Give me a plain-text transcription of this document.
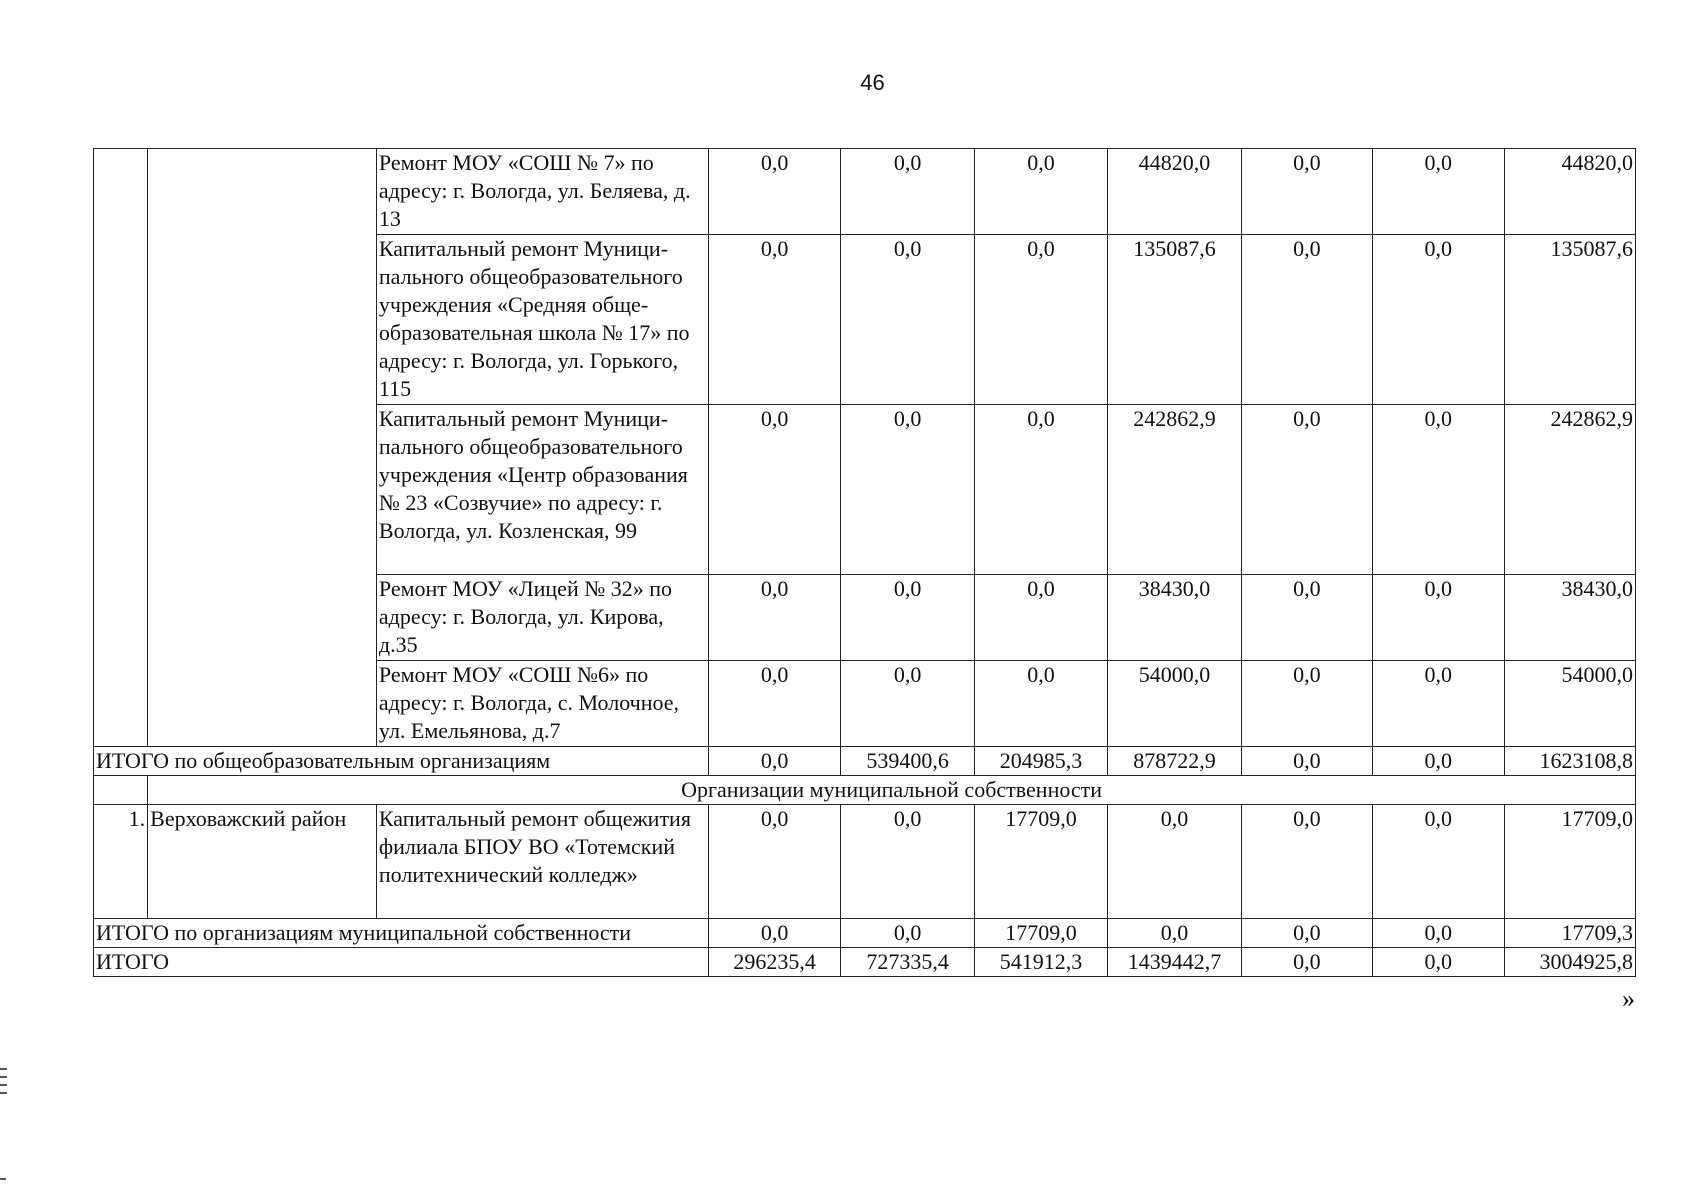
46
		Ремонт МОУ «СОШ № 7» по адресу: г. Вологда, ул. Беляева, д. 13	0,0	0,0	0,0	44820,0	0,0	0,0	44820,0
		Капитальный ремонт Муниципального общеобразовательного учреждения «Средняя общеобразовательная школа № 17» по адресу: г. Вологда, ул. Горького, 115	0,0	0,0	0,0	135087,6	0,0	0,0	135087,6
		Капитальный ремонт Муниципального общеобразовательного учреждения «Центр образования № 23 «Созвучие» по адресу: г. Вологда, ул. Козленская, 99	0,0	0,0	0,0	242862,9	0,0	0,0	242862,9
		Ремонт МОУ «Лицей № 32» по адресу: г. Вологда, ул. Кирова, д.35	0,0	0,0	0,0	38430,0	0,0	0,0	38430,0
		Ремонт МОУ «СОШ №6» по адресу: г. Вологда, с. Молочное, ул. Емельянова, д.7	0,0	0,0	0,0	54000,0	0,0	0,0	54000,0
ИТОГО по общеобразовательным организациям			0,0	539400,6	204985,3	878722,9	0,0	0,0	1623108,8
	Организации муниципальной собственности								
1.	Верховажский район	Капитальный ремонт общежития филиала БПОУ ВО «Тотемский политехнический колледж»	0,0	0,0	17709,0	0,0	0,0	0,0	17709,0
ИТОГО по организациям муниципальной собственности			0,0	0,0	17709,0	0,0	0,0	0,0	17709,3
ИТОГО			296235,4	727335,4	541912,3	1439442,7	0,0	0,0	3004925,8
»
